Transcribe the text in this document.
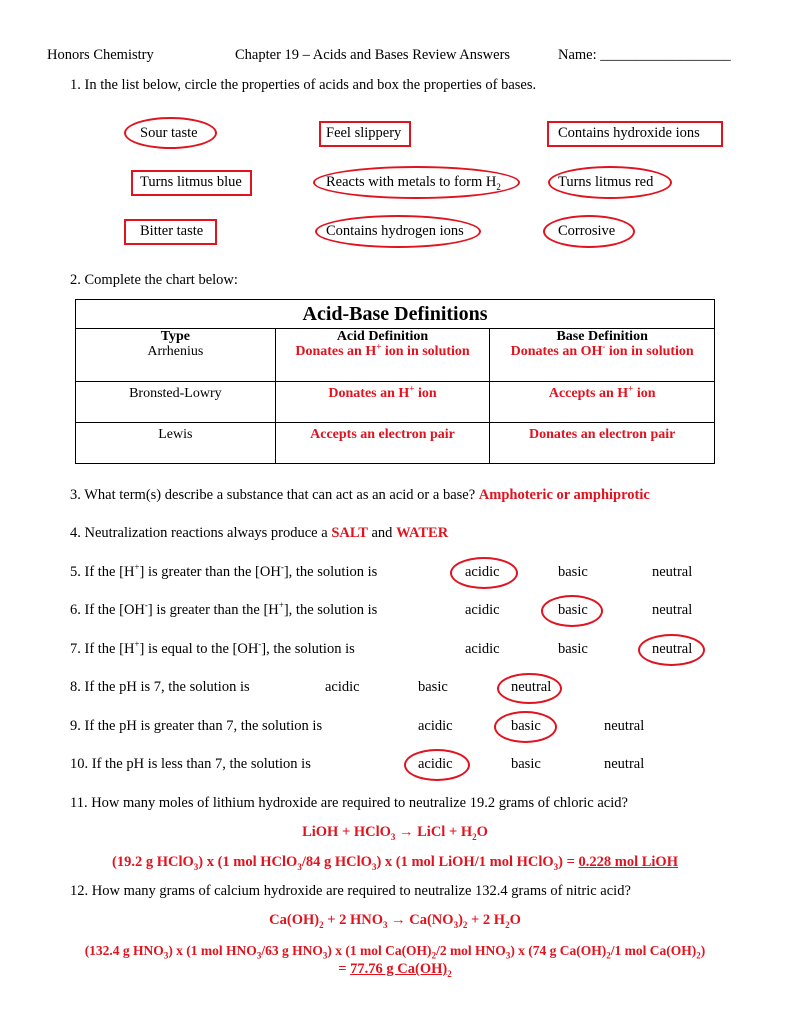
Honors Chemistry	Chapter 19 – Acids and Bases Review Answers	Name: __________________
1. In the list below, circle the properties of acids and box the properties of bases.
Sour taste	Feel slippery	Contains hydroxide ions
Turns litmus blue	Reacts with metals to form $H_2$	Turns litmus red
Bitter taste	Contains hydrogen ions	Corrosive
2. Complete the chart below:
Acid-Base Definitions		
Type	Acid Definition	Base Definition
Arrhenius	Donates an H+ ion in solution	Donates an OH- ion in solution
Bronsted-Lowry	Donates an H+ ion	Accepts an H+ ion
Lewis	Accepts an electron pair	Donates an electron pair
3. What term(s) describe a substance that can act as an acid or a base? Amphoteric or amphiprotic
4. Neutralization reactions always produce a SALT and WATER
5. If the [H+] is greater than the [OH-], the solution is	acidic	basic	neutral
6. If the [OH-] is greater than the [H+], the solution is	acidic	basic	neutral
7. If the [H+] is equal to the [OH-], the solution is	acidic	basic	neutral
8. If the pH is 7, the solution is	acidic	basic	neutral
9. If the pH is greater than 7, the solution is	acidic	basic	neutral
10. If the pH is less than 7, the solution is	acidic	basic	neutral
11. How many moles of lithium hydroxide are required to neutralize 19.2 grams of chloric acid?
LiOH + HClO$_3$ → LiCl + $H_2O$
(19.2 g HClO$_3$) x (1 mol HClO$_3$/84 g HClO$_3$) x (1 mol LiOH/1 mol HClO$_3$) = 0.228 mol LiOH
12. How many grams of calcium hydroxide are required to neutralize 132.4 grams of nitric acid?
$Ca(OH)_2 + 2$ $HNO_3 \to Ca(NO_3)_2 + 2$ $H_2O$
(132.4 g $HNO_3$) x (1 mol $HNO_3/63$ g $HNO_3$) x (1 mol $Ca(OH)_2/2$ mol $HNO_3$) x (74 g $Ca(OH)_2/1$ mol $Ca(OH)_2$)
= 77.76 g $Ca(OH)_2$
